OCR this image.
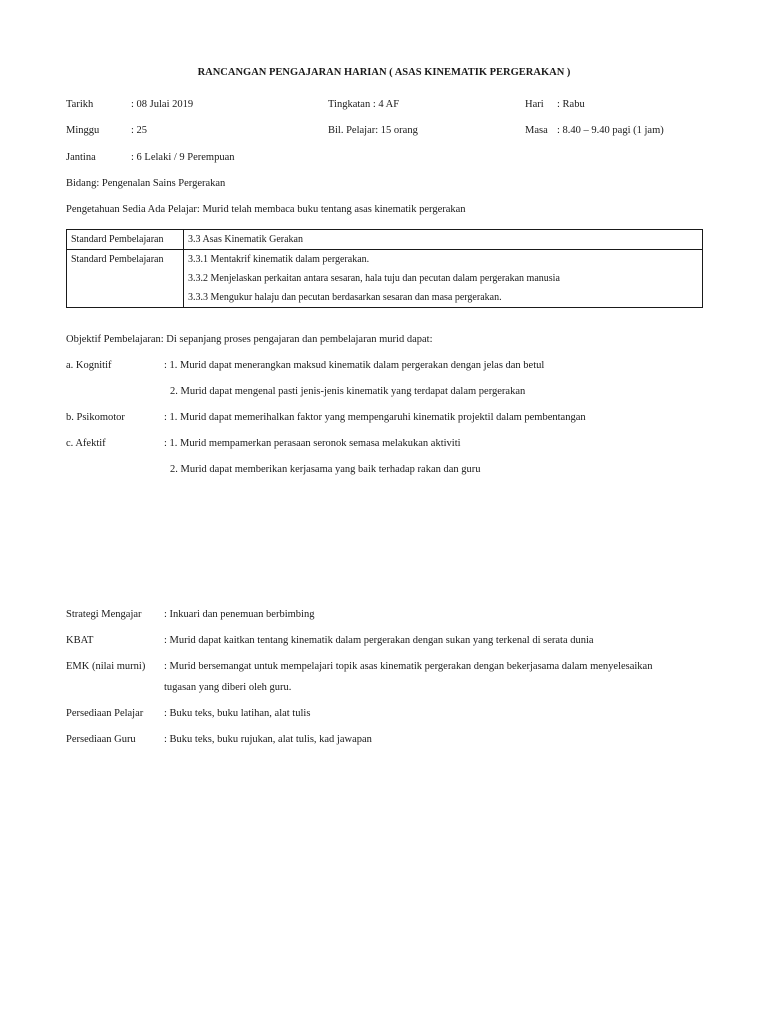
RANCANGAN PENGAJARAN HARIAN ( ASAS KINEMATIK PERGERAKAN )
Tarikh	: 08 Julai 2019	Tingkatan : 4 AF	Hari : Rabu
Minggu	: 25	Bil. Pelajar: 15 orang	Masa : 8.40 – 9.40 pagi (1 jam)
Jantina	: 6 Lelaki / 9 Perempuan
Bidang: Pengenalan Sains Pergerakan
Pengetahuan Sedia Ada Pelajar: Murid telah membaca buku tentang asas kinematik pergerakan
Standard Pembelajaran	3.3 Asas Kinematik Gerakan
Standard Pembelajaran	3.3.1 Mentakrif kinematik dalam pergerakan.
3.3.2 Menjelaskan perkaitan antara sesaran, hala tuju dan pecutan dalam pergerakan manusia
3.3.3 Mengukur halaju dan pecutan berdasarkan sesaran dan masa pergerakan.
Objektif Pembelajaran: Di sepanjang proses pengajaran dan pembelajaran murid dapat:
a. Kognitif	: 1. Murid dapat menerangkan maksud kinematik dalam pergerakan dengan jelas dan betul
2. Murid dapat mengenal pasti jenis-jenis kinematik yang terdapat dalam pergerakan
b. Psikomotor	: 1. Murid dapat memerihalkan faktor yang mempengaruhi kinematik projektil dalam pembentangan
c. Afektif	: 1. Murid mempamerkan perasaan seronok semasa melakukan aktiviti
2. Murid dapat memberikan kerjasama yang baik terhadap rakan dan guru
Strategi Mengajar : Inkuari dan penemuan berbimbing
KBAT	: Murid dapat kaitkan tentang kinematik dalam pergerakan dengan sukan yang terkenal di serata dunia
EMK (nilai murni) : Murid bersemangat untuk mempelajari topik asas kinematik pergerakan dengan bekerjasama dalam menyelesaikan
tugasan yang diberi oleh guru.
Persediaan Pelajar : Buku teks, buku latihan, alat tulis
Persediaan Guru	: Buku teks, buku rujukan, alat tulis, kad jawapan
